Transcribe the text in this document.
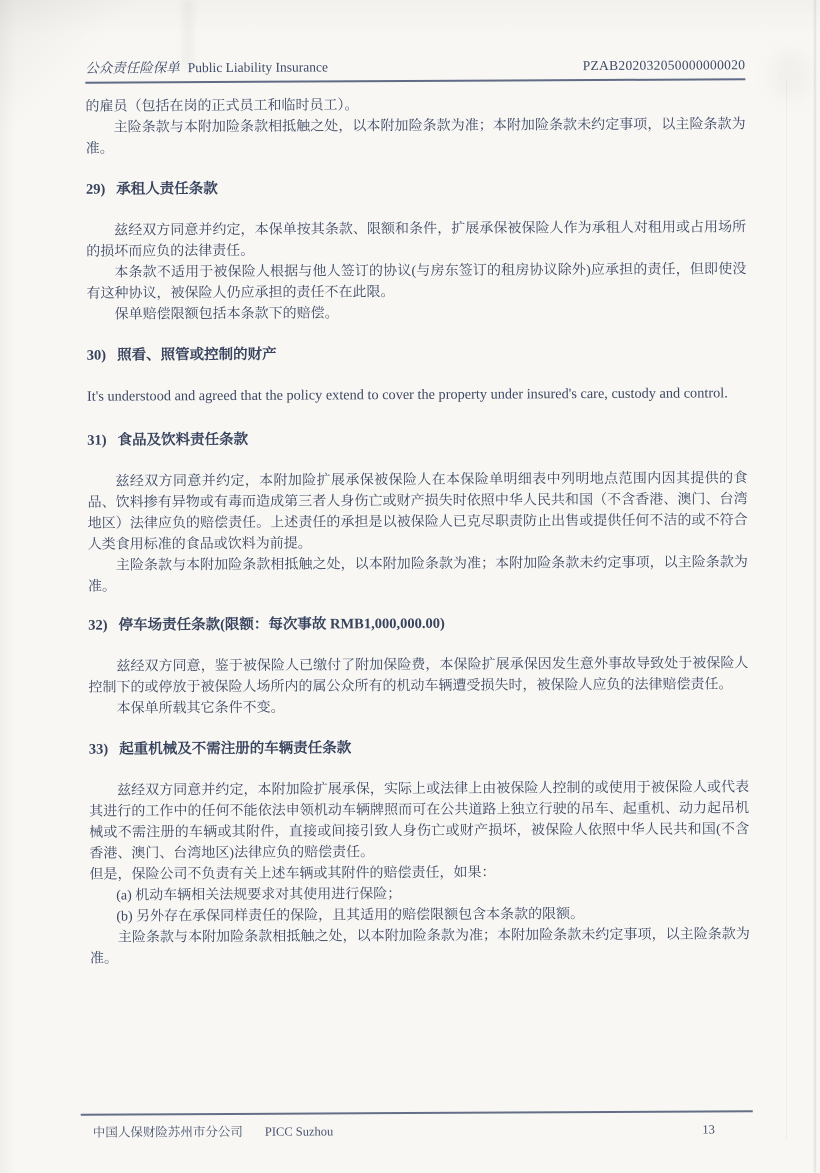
公众责任险保单 Public Liability Insurance	PZAB202032050000000020

的雇员（包括在岗的正式员工和临时员工）。

主险条款与本附加险条款相抵触之处，以本附加险条款为准；本附加险条款未约定事项，以主险条款为准。

29) 承租人责任条款

兹经双方同意并约定，本保单按其条款、限额和条件，扩展承保被保险人作为承租人对租用或占用场所的损坏而应负的法律责任。

本条款不适用于被保险人根据与他人签订的协议(与房东签订的租房协议除外)应承担的责任，但即使没有这种协议，被保险人仍应承担的责任不在此限。

保单赔偿限额包括本条款下的赔偿。

30) 照看、照管或控制的财产

It's understood and agreed that the policy extend to cover the property under insured's care, custody and control.

31) 食品及饮料责任条款

兹经双方同意并约定，本附加险扩展承保被保险人在本保险单明细表中列明地点范围内因其提供的食品、饮料掺有异物或有毒而造成第三者人身伤亡或财产损失时依照中华人民共和国（不含香港、澳门、台湾地区）法律应负的赔偿责任。上述责任的承担是以被保险人已克尽职责防止出售或提供任何不洁的或不符合人类食用标准的食品或饮料为前提。

主险条款与本附加险条款相抵触之处，以本附加险条款为准；本附加险条款未约定事项，以主险条款为准。

32) 停车场责任条款(限额：每次事故 RMB1,000,000.00)

兹经双方同意，鉴于被保险人已缴付了附加保险费，本保险扩展承保因发生意外事故导致处于被保险人控制下的或停放于被保险人场所内的属公众所有的机动车辆遭受损失时，被保险人应负的法律赔偿责任。

本保单所载其它条件不变。

33) 起重机械及不需注册的车辆责任条款

兹经双方同意并约定，本附加险扩展承保，实际上或法律上由被保险人控制的或使用于被保险人或代表其进行的工作中的任何不能依法申领机动车辆牌照而可在公共道路上独立行驶的吊车、起重机、动力起吊机械或不需注册的车辆或其附件，直接或间接引致人身伤亡或财产损坏，被保险人依照中华人民共和国(不含香港、澳门、台湾地区)法律应负的赔偿责任。

但是，保险公司不负责有关上述车辆或其附件的赔偿责任，如果：

(a) 机动车辆相关法规要求对其使用进行保险；

(b) 另外存在承保同样责任的保险，且其适用的赔偿限额包含本条款的限额。

主险条款与本附加险条款相抵触之处，以本附加险条款为准；本附加险条款未约定事项，以主险条款为准。

中国人保财险苏州市分公司 PICC Suzhou	13
